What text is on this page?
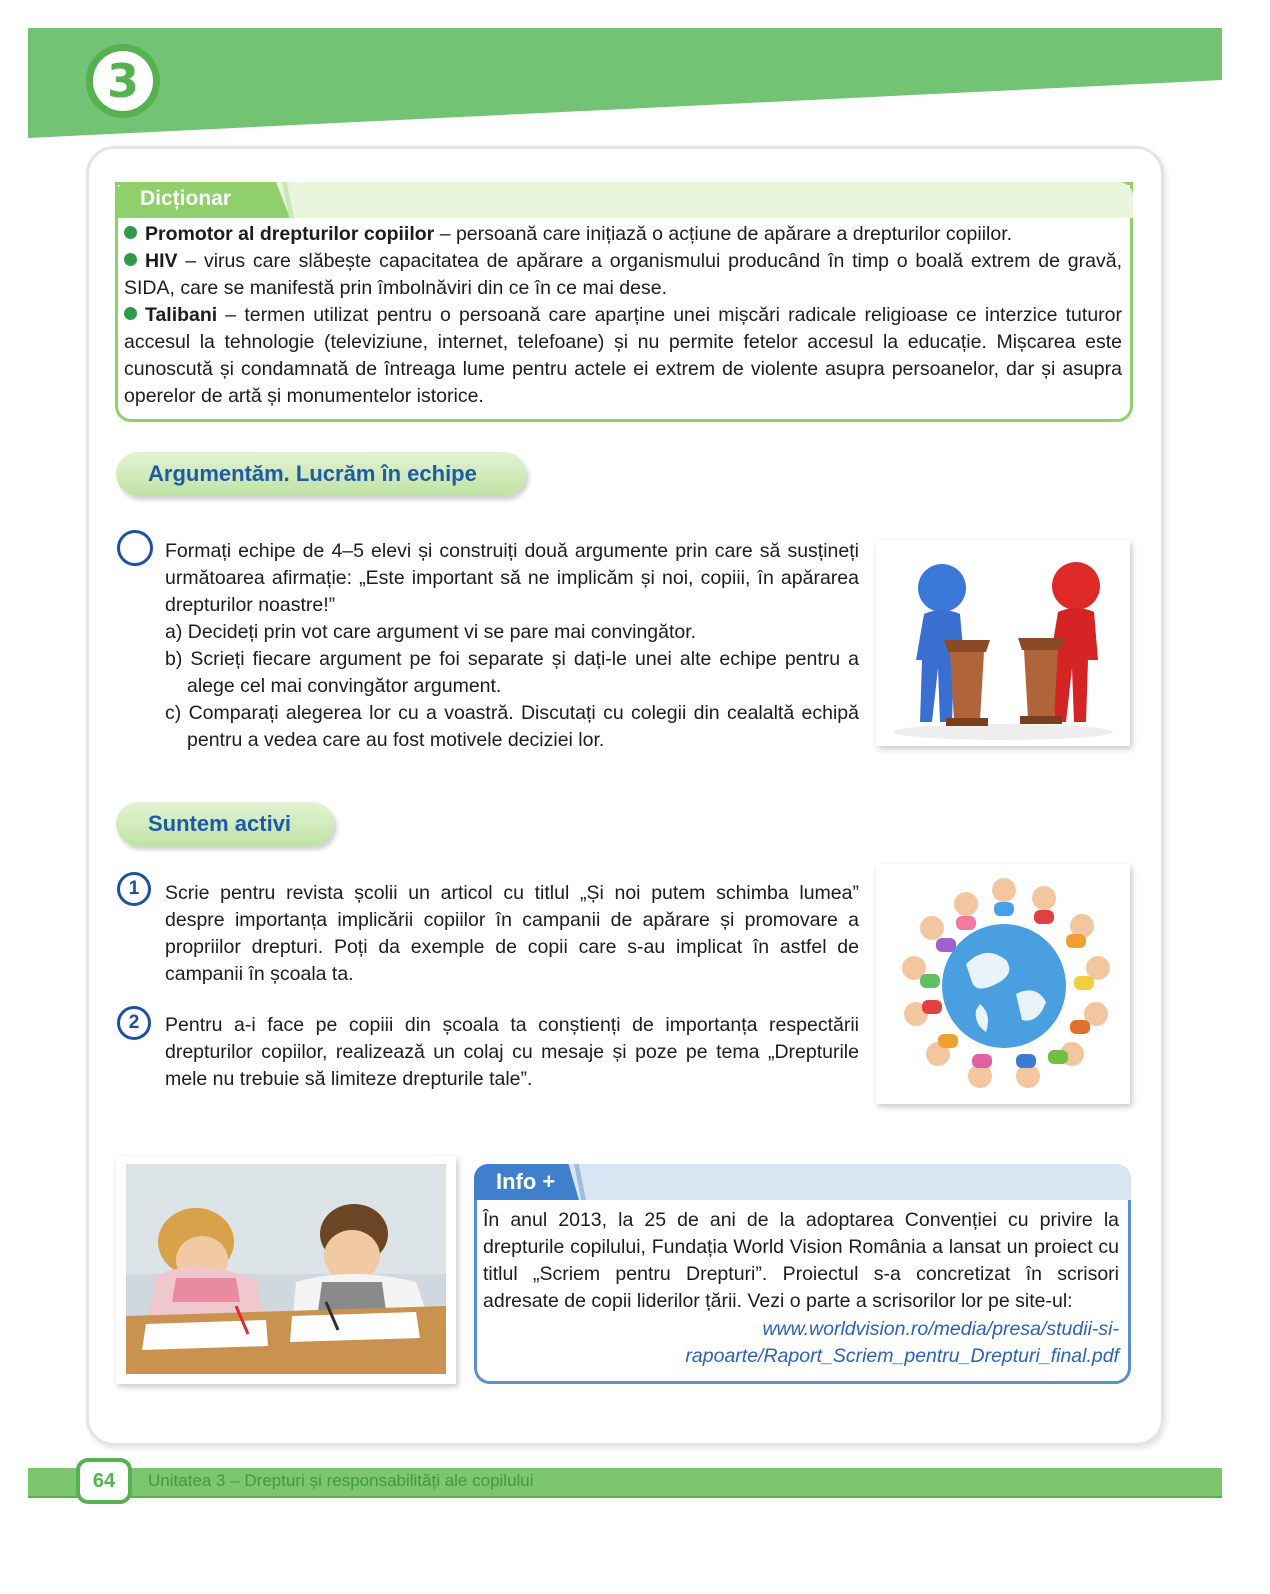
3
Dicționar

Promotor al drepturilor copiilor – persoană care inițiază o acțiune de apărare a drepturilor copiilor.

HIV – virus care slăbește capacitatea de apărare a organismului producând în timp o boală extrem de gravă, SIDA, care se manifestă prin îmbolnăviri din ce în ce mai dese.

Talibani – termen utilizat pentru o persoană care aparține unei mișcări radicale religioase ce interzice tuturor accesul la tehnologie (televiziune, internet, telefoane) și nu permite fetelor accesul la educație. Mișcarea este cunoscută și condamnată de întreaga lume pentru actele ei extrem de violente asupra persoanelor, dar și asupra operelor de artă și monumentelor istorice.

Argumentăm. Lucrăm în echipe

Formați echipe de 4–5 elevi și construiți două argumente prin care să susțineți următoarea afirmație: „Este important să ne implicăm și noi, copiii, în apărarea drepturilor noastre!”

a) Decideți prin vot care argument vi se pare mai convingător.

b) Scrieți fiecare argument pe foi separate și dați-le unei alte echipe pentru a alege cel mai convingător argument.

c) Comparați alegerea lor cu a voastră. Discutați cu colegii din cealaltă echipă pentru a vedea care au fost motivele deciziei lor.

Suntem activi
1 Scrie pentru revista școlii un articol cu titlul „Și noi putem schimba lumea” despre importanța implicării copiilor în campanii de apărare și promovare a propriilor drepturi. Poți da exemple de copii care s-au implicat în astfel de campanii în școala ta.
2 Pentru a-i face pe copiii din școala ta conștienți de importanța respectării drepturilor copiilor, realizează un colaj cu mesaje și poze pe tema „Drepturile mele nu trebuie să limiteze drepturile tale”.
Info +
În anul 2013, la 25 de ani de la adoptarea Convenției cu privire la drepturile copilului, Fundația World Vision România a lansat un proiect cu titlul „Scriem pentru Drepturi”. Proiectul s-a concretizat în scrisori adresate de copii liderilor țării. Vezi o parte a scrisorilor lor pe site-ul:
www.worldvision.ro/media/presa/studii-si-rapoarte/Raport_Scriem_pentru_Drepturi_final.pdf
64 Unitatea 3 – Drepturi și responsabilități ale copilului
